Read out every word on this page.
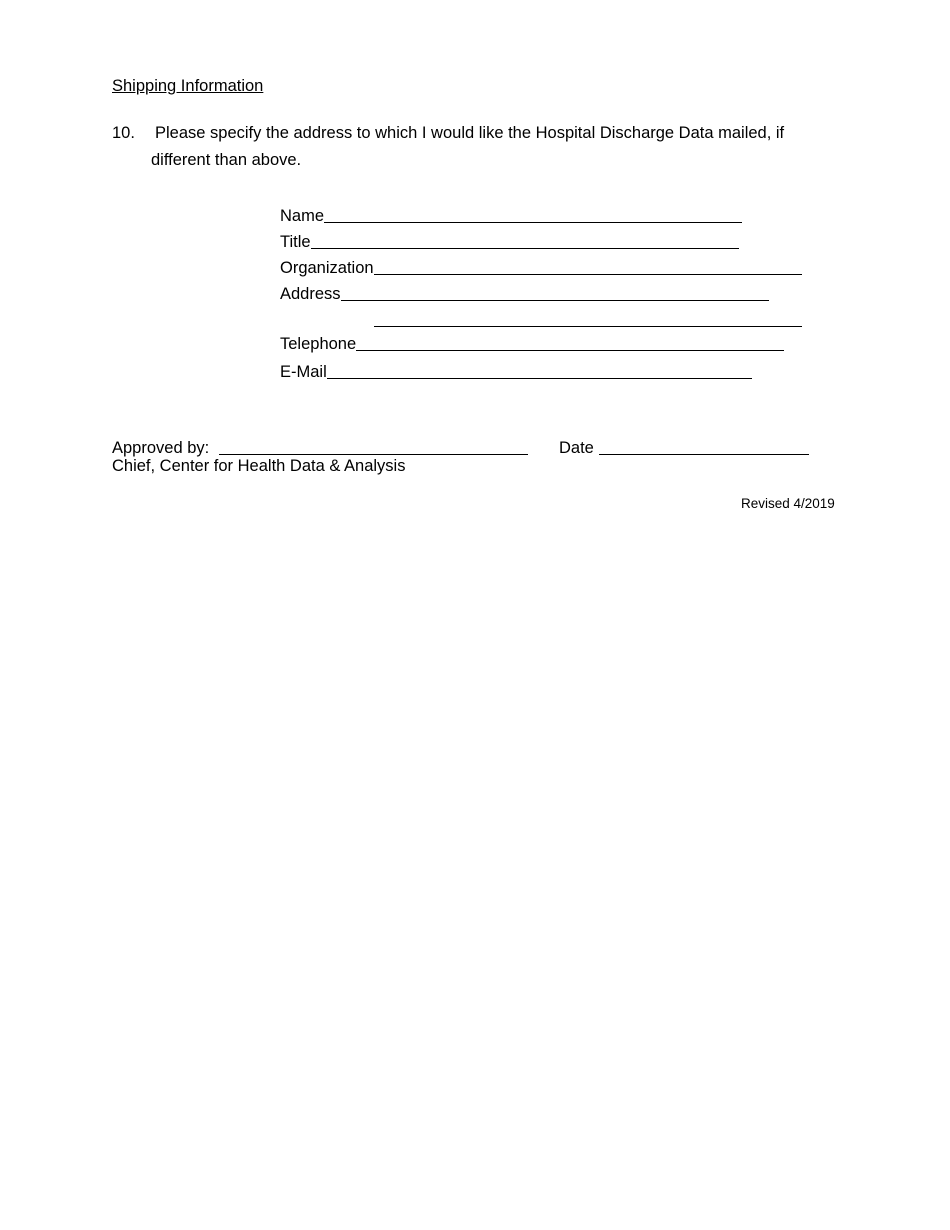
Shipping Information
10. Please specify the address to which I would like the Hospital Discharge Data mailed, if
different than above.
Name
Title
Organization
Address
Telephone
E-Mail
Approved by:	Date
Chief, Center for Health Data & Analysis
Revised 4/2019
